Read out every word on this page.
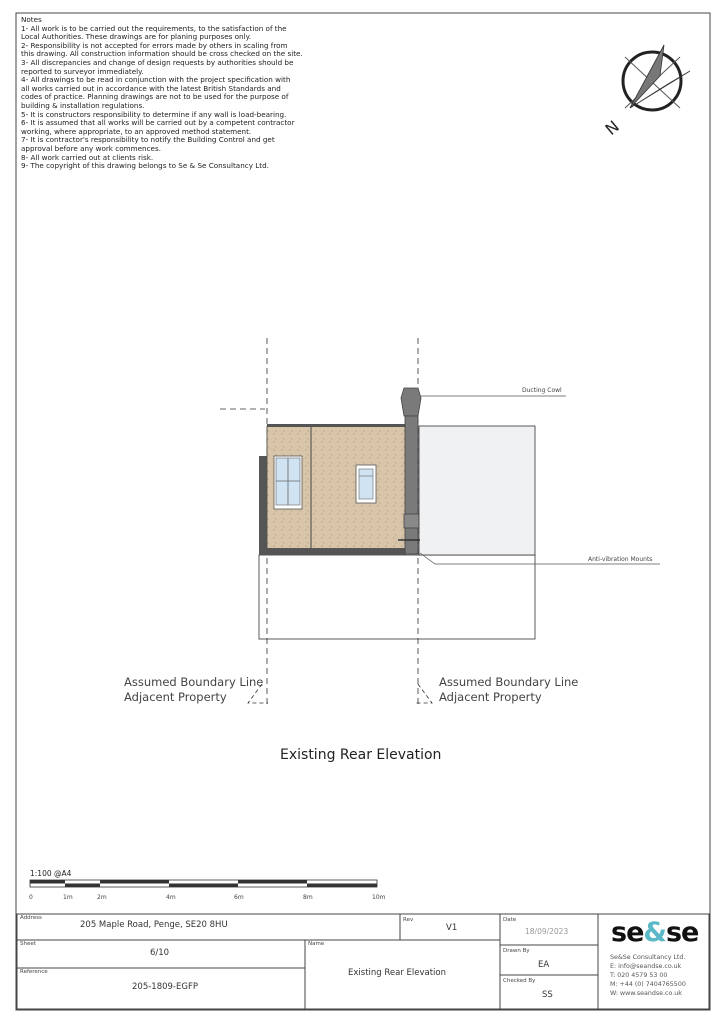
N
Ducting Cowl
Anti-vibration Mounts
Assumed Boundary Line
Adjacent Property
Assumed Boundary Line
Adjacent Property
Existing Rear Elevation
1:100 @A4
0	1m	2m	4m	6m	8m	10m
Notes
1- All work is to be carried out the requirements, to the satisfaction of the
Local Authorities. These drawings are for planing purposes only.
2- Responsibility is not accepted for errors made by others in scaling from
this drawing. All construction information should be cross checked on the site.
3- All discrepancies and change of design requests by authorities should be
reported to surveyor immediately.
4- All drawings to be read in conjunction with the project specification with
all works carried out in accordance with the latest British Standards and
codes of practice. Planning drawings are not to be used for the purpose of
building & installation regulations.
5- It is constructors responsibility to determine if any wall is load-bearing.
6- It is assumed that all works will be carried out by a competent contractor
working, where appropriate, to an approved method statement.
7- It is contractor's responsibility to notify the Building Control and get
approval before any work commences.
8- All work carried out at clients risk.
9- The copyright of this drawing belongs to Se & Se Consultancy Ltd.
Address
205 Maple Road, Penge, SE20 8HU	Rev
V1
Date
18/09/2023
Sheet
6/10
Name
Existing Rear Elevation
Reference
205-1809-EGFP
Drawn By
EA
Checked By
SS
se&se
Se&Se Consultancy Ltd.
E: info@seandse.co.uk
T: 020 4579 53 00
M: +44 (0) 7404765500
W: www.seandse.co.uk
